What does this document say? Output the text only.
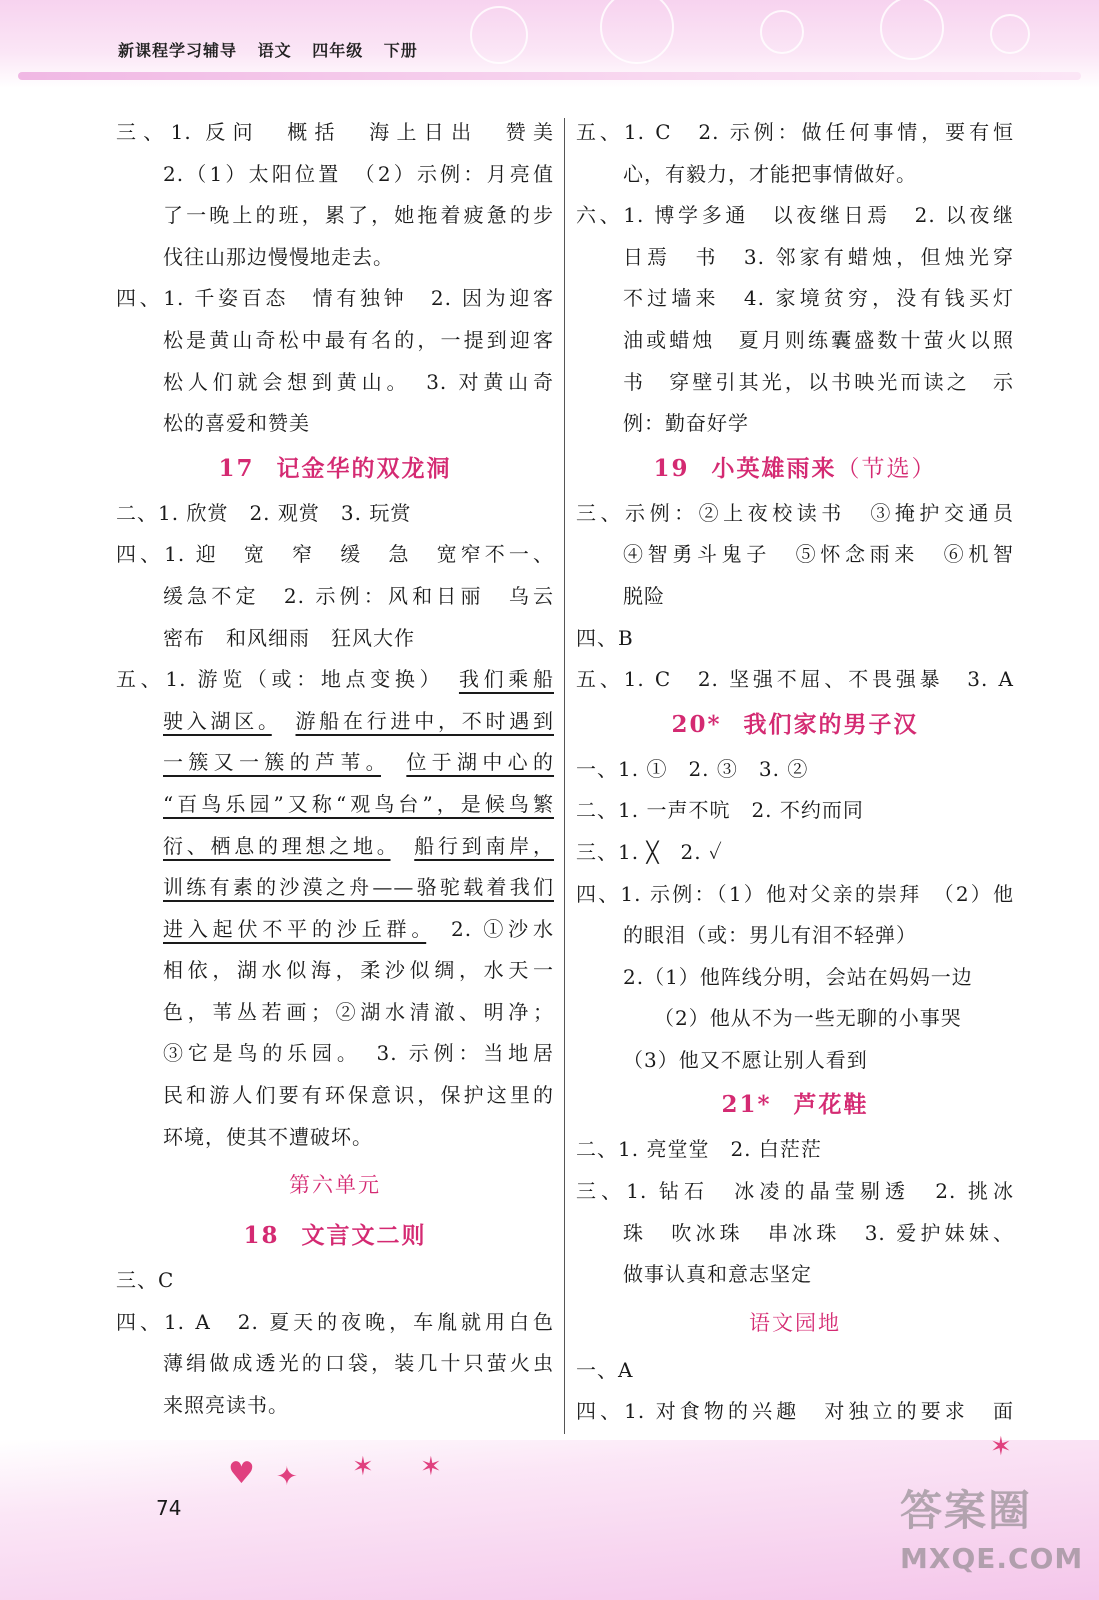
新课程学习辅导 语文 四年级 下册
三、1. 反问　概括　海上日出　赞美
2.（1）太阳位置　（2）示例：月亮值
了一晚上的班，累了，她拖着疲惫的步
伐往山那边慢慢地走去。
四、1. 千姿百态　情有独钟　2. 因为迎客
松是黄山奇松中最有名的，一提到迎客
松人们就会想到黄山。　3. 对黄山奇
松的喜爱和赞美
17 记金华的双龙洞
二、1. 欣赏　2. 观赏　3. 玩赏
四、1. 迎　宽　窄　缓　急　宽窄不一、
缓急不定　2. 示例：风和日丽　乌云
密布　和风细雨　狂风大作
五、1. 游览（或：地点变换）　我们乘船
驶入湖区。　 游船在行进中，不时遇到
一簇又一簇的芦苇。　 位于湖中心的
“百鸟乐园”又称“观鸟台”，是候鸟繁
衍、栖息的理想之地。　 船行到南岸，
训练有素的沙漠之舟——骆驼载着我们
进入起伏不平的沙丘群。　2. ①沙水
相依，湖水似海，柔沙似绸，水天一
色，苇丛若画；②湖水清澈、明净；
③它是鸟的乐园。　3. 示例：当地居
民和游人们要有环保意识，保护这里的
环境，使其不遭破坏。
第六单元
18 文言文二则
三、C
四、1. A　2. 夏天的夜晚，车胤就用白色
薄绢做成透光的口袋，装几十只萤火虫
来照亮读书。
五、1. C　2. 示例：做任何事情，要有恒
心，有毅力，才能把事情做好。
六、1. 博学多通　以夜继日焉　2. 以夜继
日焉　书　3. 邻家有蜡烛，但烛光穿
不过墙来　4. 家境贫穷，没有钱买灯
油或蜡烛　夏月则练囊盛数十萤火以照
书　穿壁引其光，以书映光而读之　示
例：勤奋好学
19 小英雄雨来（节选）
三、示例：②上夜校读书　③掩护交通员
④智勇斗鬼子　⑤怀念雨来　⑥机智
脱险
四、B
五、1. C　2. 坚强不屈、不畏强暴　3. A
20* 我们家的男子汉
一、1. ①　2. ③　3. ②
二、1. 一声不吭　2. 不约而同
三、1. ╳　2. ✓
四、1. 示例：（1）他对父亲的崇拜　（2）他
的眼泪（或：男儿有泪不轻弹）
2.（1）他阵线分明，会站在妈妈一边
（2）他从不为一些无聊的小事哭
（3）他又不愿让别人看到
21* 芦花鞋
二、1. 亮堂堂　2. 白茫茫
三、1. 钻石　冰凌的晶莹剔透　2. 挑冰
珠　吹冰珠　串冰珠　3. 爱护妹妹、
做事认真和意志坚定
语文园地
一、A
四、1. 对食物的兴趣　对独立的要求　面
♥ ✦ ✶ ✶
✶
74	答案圈
MXQE.COM
